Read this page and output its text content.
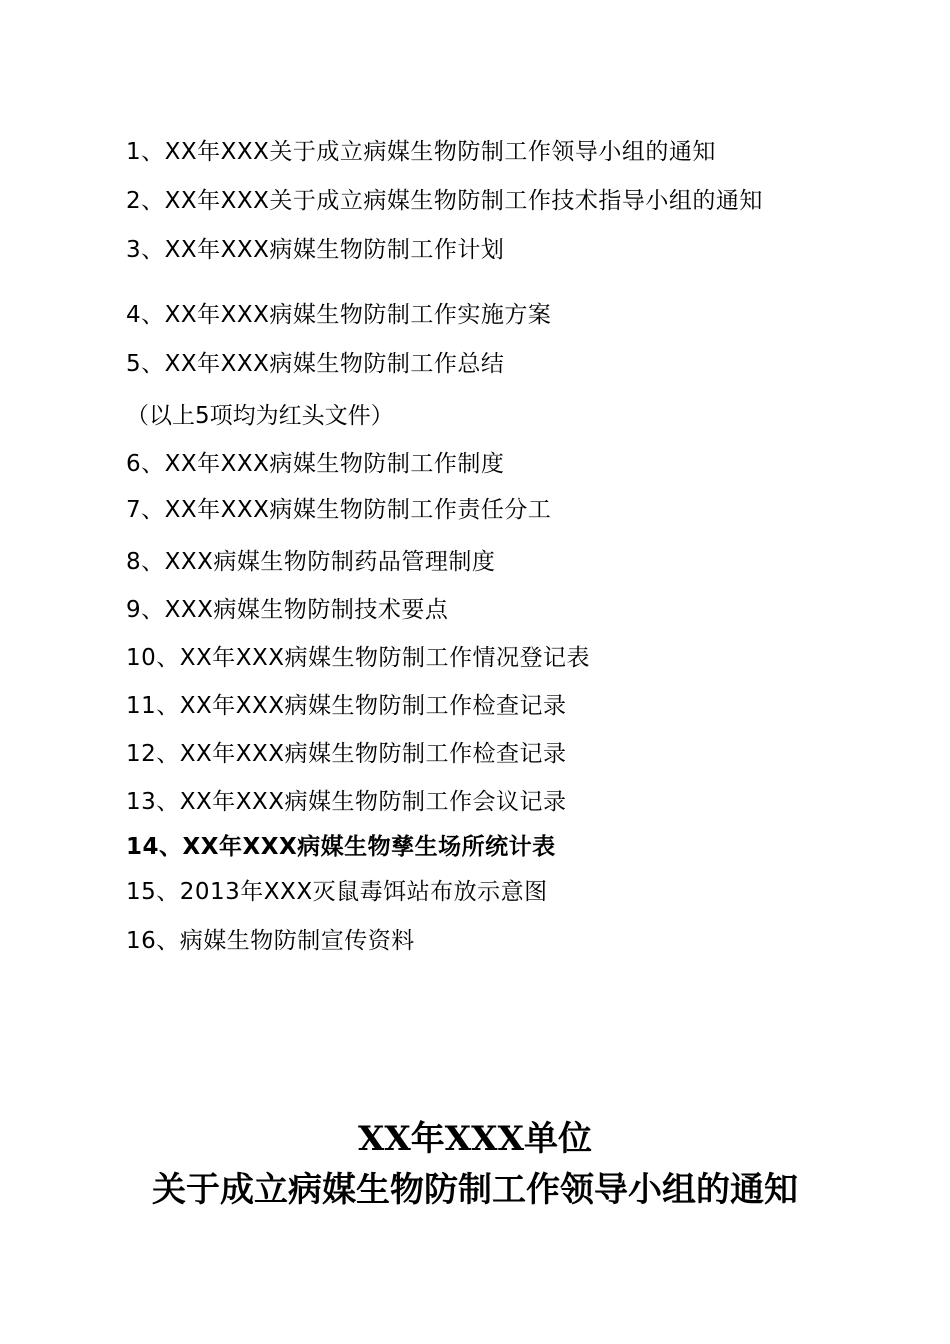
1、XX年XXX关于成立病媒生物防制工作领导小组的通知
2、XX年XXX关于成立病媒生物防制工作技术指导小组的通知
3、XX年XXX病媒生物防制工作计划
4、XX年XXX病媒生物防制工作实施方案
5、XX年XXX病媒生物防制工作总结
（以上5项均为红头文件）
6、XX年XXX病媒生物防制工作制度
7、XX年XXX病媒生物防制工作责任分工
8、XXX病媒生物防制药品管理制度
9、XXX病媒生物防制技术要点
10、XX年XXX病媒生物防制工作情况登记表
11、XX年XXX病媒生物防制工作检查记录
12、XX年XXX病媒生物防制工作检查记录
13、XX年XXX病媒生物防制工作会议记录
14、XX年XXX病媒生物孳生场所统计表
15、2013年XXX灭鼠毒饵站布放示意图
16、病媒生物防制宣传资料
XX年XXX单位
关于成立病媒生物防制工作领导小组的通知
